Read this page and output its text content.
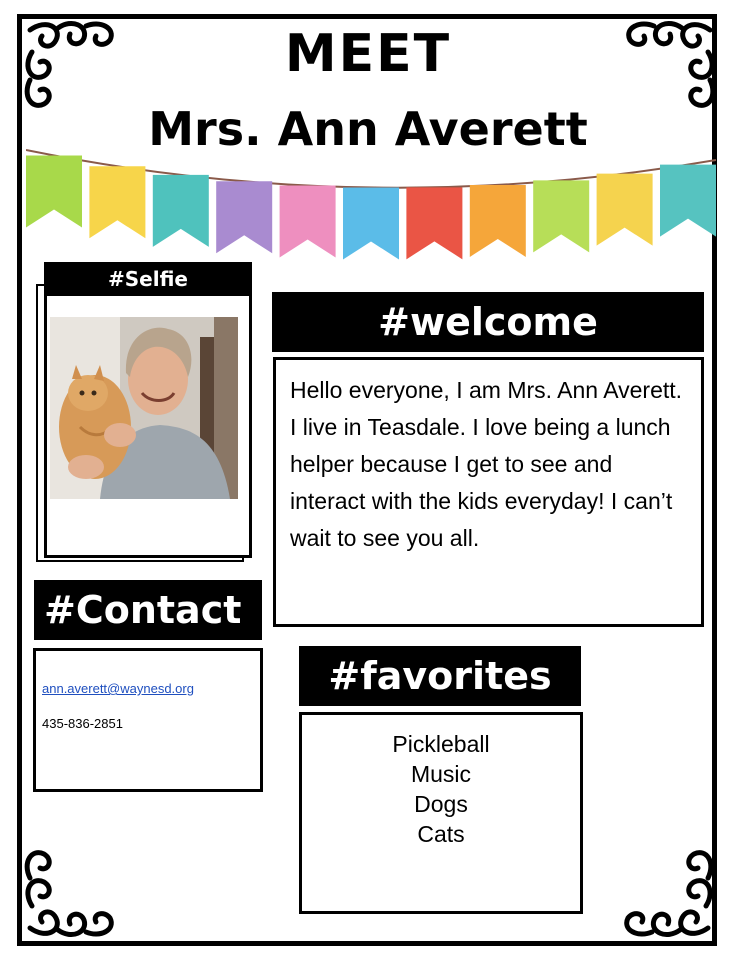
MEET
Mrs. Ann Averett
#Selfie
#welcome
Hello everyone, I am Mrs. Ann Averett. I live in Teasdale. I love being a lunch helper because I get to see and interact with the kids everyday! I can’t wait to see you all.
#Contact
ann.averett@waynesd.org
435-836-2851
#favorites
Pickleball
Music
Dogs
Cats
